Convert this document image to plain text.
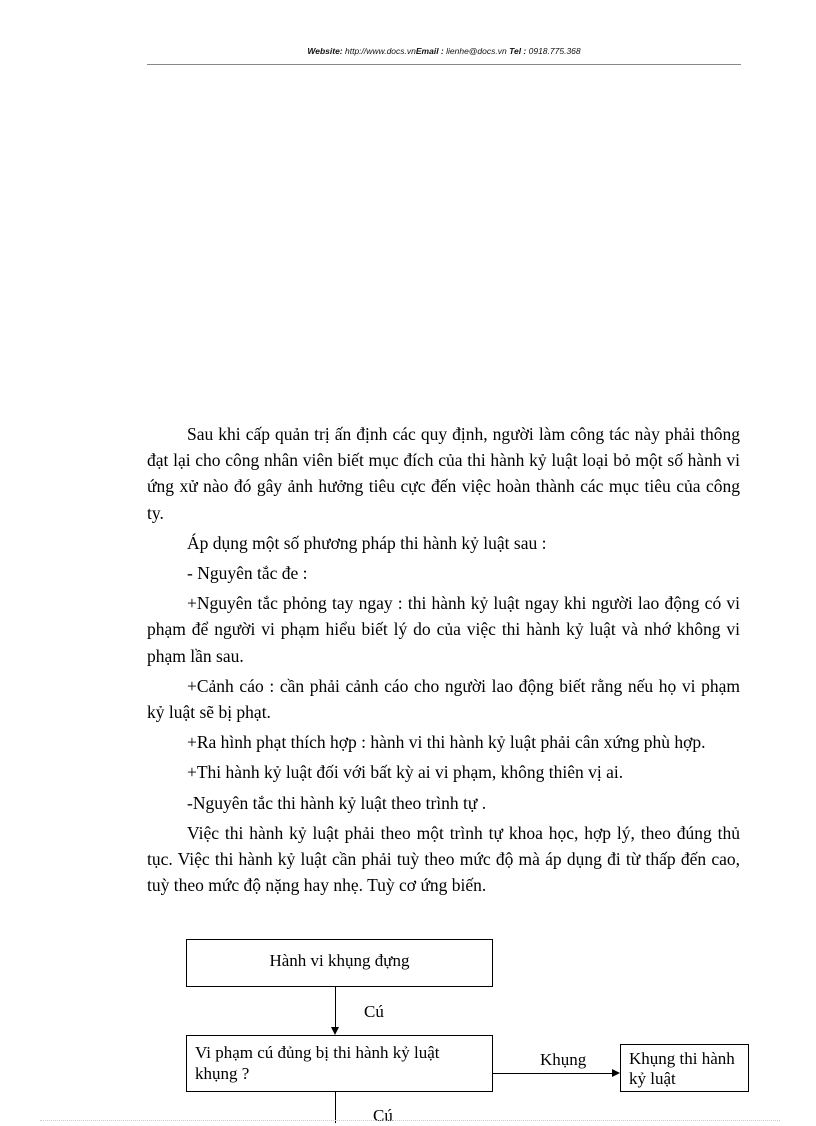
Website: http://www.docs.vnEmail : lienhe@docs.vn Tel : 0918.775.368

Sau khi cấp quản trị ấn định các quy định, người làm công tác này phải thông đạt lại cho công nhân viên biết mục đích của thi hành kỷ luật loại bỏ một số hành vi ứng xử nào đó gây ảnh hưởng tiêu cực đến việc hoàn thành các mục tiêu của công ty.

Áp dụng một số phương pháp thi hành kỷ luật sau :

- Nguyên tắc đe :

+Nguyên tắc phỏng tay ngay : thi hành kỷ luật ngay khi người lao động có vi phạm để người vi phạm hiểu biết lý do của việc thi hành kỷ luật và nhớ không vi phạm lần sau.

+Cảnh cáo : cần phải cảnh cáo cho người lao động biết rằng nếu họ vi phạm kỷ luật sẽ bị phạt.

+Ra hình phạt thích hợp : hành vi thi hành kỷ luật phải cân xứng phù hợp.

+Thi hành kỷ luật đối với bất kỳ ai vi phạm, không thiên vị ai.

-Nguyên tắc thi hành kỷ luật theo trình tự .

Việc thi hành kỷ luật phải theo một trình tự khoa học, hợp lý, theo đúng thủ tục. Việc thi hành kỷ luật cần phải tuỳ theo mức độ mà áp dụng đi từ thấp đến cao, tuỳ theo mức độ nặng hay nhẹ. Tuỳ cơ ứng biến.

Hành vi khụng đựng
Cú
Vi phạm cú đủng bị thi hành kỷ luật khụng ?
Khụng	Khụng thi hành kỷ luật
Cú
